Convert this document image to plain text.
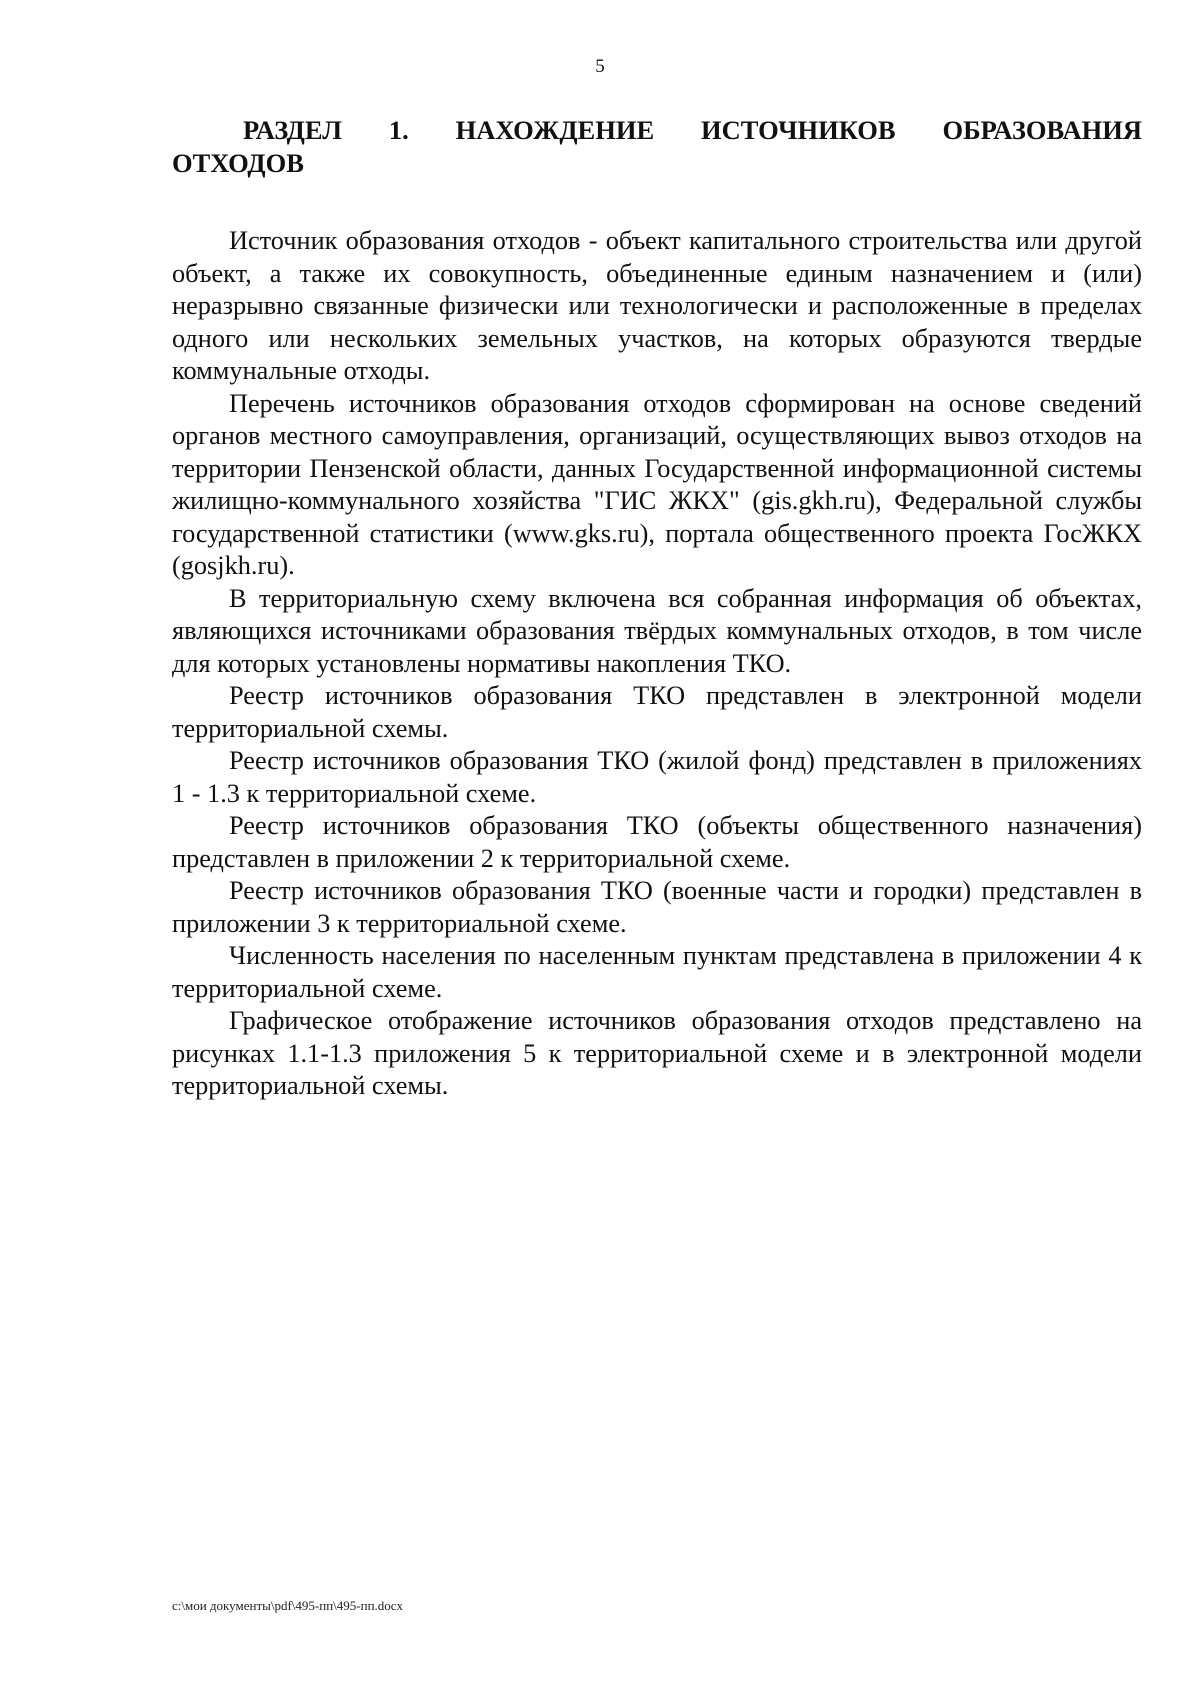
5
РАЗДЕЛ 1. НАХОЖДЕНИЕ ИСТОЧНИКОВ ОБРАЗОВАНИЯ ОТХОДОВ

Источник образования отходов - объект капитального строительства или другой объект, а также их совокупность, объединенные единым назначением и (или) неразрывно связанные физически или технологически и расположенные в пределах одного или нескольких земельных участков, на которых образуются твердые коммунальные отходы.

Перечень источников образования отходов сформирован на основе сведений органов местного самоуправления, организаций, осуществляющих вывоз отходов на территории Пензенской области, данных Государственной информационной системы жилищно-коммунального хозяйства "ГИС ЖКХ" (gis.gkh.ru), Федеральной службы государственной статистики (www.gks.ru), портала общественного проекта ГосЖКХ (gosjkh.ru).

В территориальную схему включена вся собранная информация об объектах, являющихся источниками образования твёрдых коммунальных отходов, в том числе для которых установлены нормативы накопления ТКО.

Реестр источников образования ТКО представлен в электронной модели территориальной схемы.

Реестр источников образования ТКО (жилой фонд) представлен в приложениях 1 - 1.3 к территориальной схеме.

Реестр источников образования ТКО (объекты общественного назначения) представлен в приложении 2 к территориальной схеме.

Реестр источников образования ТКО (военные части и городки) представлен в приложении 3 к территориальной схеме.

Численность населения по населенным пунктам представлена в приложении 4 к территориальной схеме.

Графическое отображение источников образования отходов представлено на рисунках 1.1-1.3 приложения 5 к территориальной схеме и в электронной модели территориальной схемы.

c:\мои документы\pdf\495-пп\495-пп.docx
